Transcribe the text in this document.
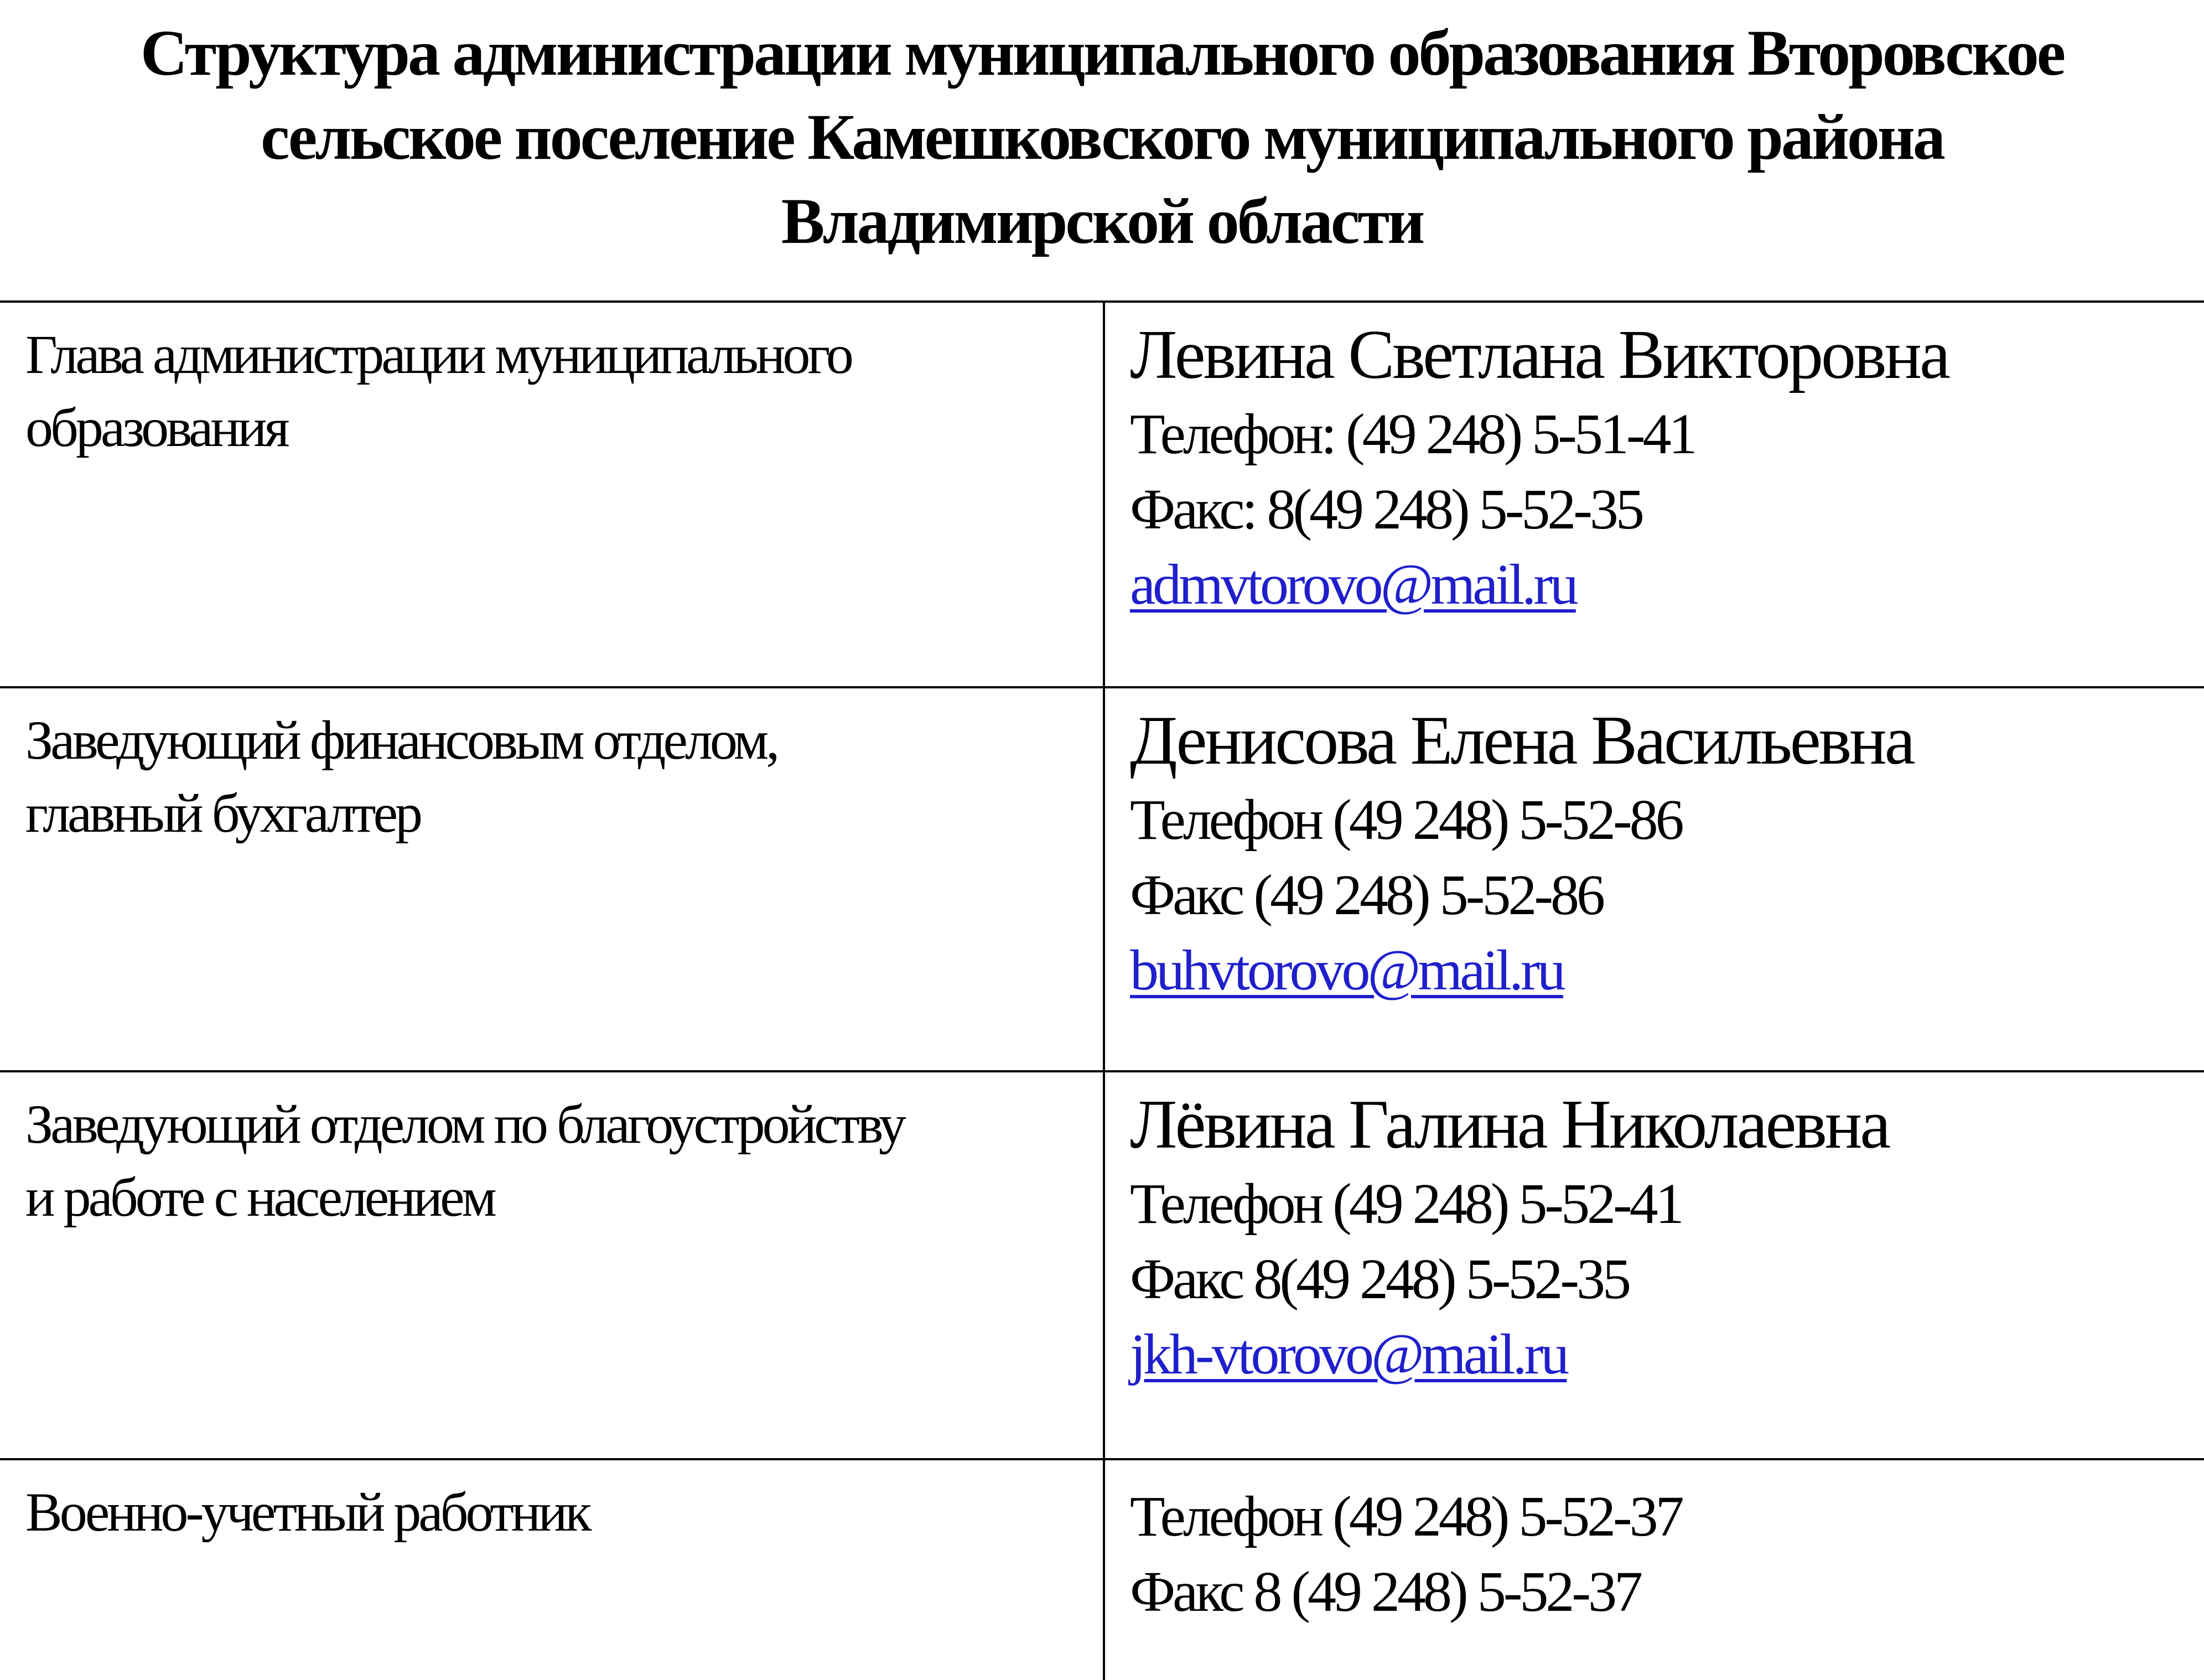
Структура администрации муниципального образования Второвское
сельское поселение Камешковского муниципального района
Владимирской области
Глава администрации муниципального
образования	Левина Светлана Викторовна
Телефон: (49 248) 5-51-41
Факс: 8(49 248) 5-52-35
admvtorovo@mail.ru

Заведующий финансовым отделом,
главный бухгалтер	Денисова Елена Васильевна
Телефон (49 248) 5-52-86
Факс (49 248) 5-52-86
buhvtorovo@mail.ru

Заведующий отделом по благоустройству
и работе с населением	Лёвина Галина Николаевна
Телефон (49 248) 5-52-41
Факс 8(49 248) 5-52-35
jkh-vtorovo@mail.ru

Военно-учетный работник	Телефон (49 248) 5-52-37
Факс 8 (49 248) 5-52-37
